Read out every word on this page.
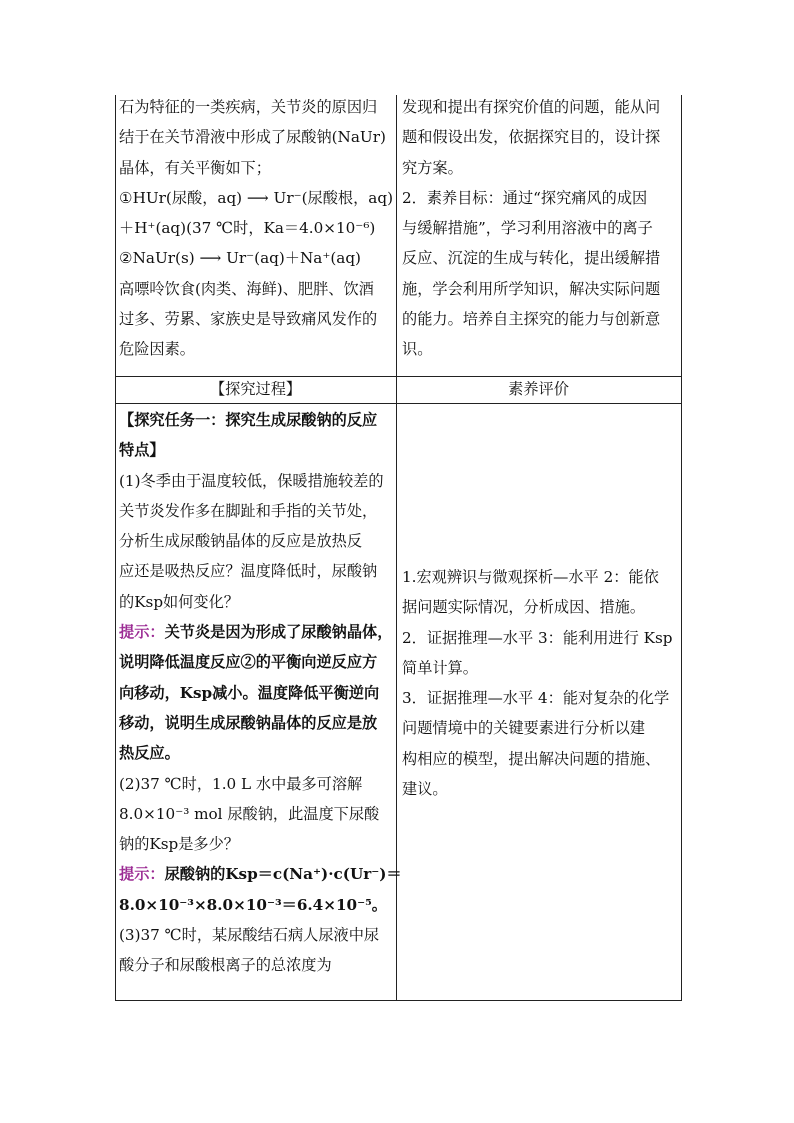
石为特征的一类疾病，关节炎的原因归
结于在关节滑液中形成了尿酸钠(NaUr)
晶体，有关平衡如下；
①HUr(尿酸，aq) ⟶ Ur⁻(尿酸根，aq)
＋H⁺(aq)(37 ℃时，Ka＝4.0×10⁻⁶)
②NaUr(s) ⟶ Ur⁻(aq)＋Na⁺(aq)
高嘌呤饮食(肉类、海鲜)、肥胖、饮酒
过多、劳累、家族史是导致痛风发作的
危险因素。
发现和提出有探究价值的问题，能从问
题和假设出发，依据探究目的，设计探
究方案。
2．素养目标：通过“探究痛风的成因
与缓解措施”，学习利用溶液中的离子
反应、沉淀的生成与转化，提出缓解措
施，学会利用所学知识，解决实际问题
的能力。培养自主探究的能力与创新意
识。
【探究过程】	素养评价
【探究任务一：探究生成尿酸钠的反应
特点】
(1)冬季由于温度较低，保暖措施较差的
关节炎发作多在脚趾和手指的关节处，
分析生成尿酸钠晶体的反应是放热反
应还是吸热反应？温度降低时，尿酸钠
的Ksp如何变化？
提示：关节炎是因为形成了尿酸钠晶体，
说明降低温度反应②的平衡向逆反应方
向移动，Ksp减小。温度降低平衡逆向
移动，说明生成尿酸钠晶体的反应是放
热反应。
(2)37 ℃时，1.0 L 水中最多可溶解
8.0×10⁻³ mol 尿酸钠，此温度下尿酸
钠的Ksp是多少？
提示：尿酸钠的Ksp＝c(Na⁺)·c(Ur⁻)＝
8.0×10⁻³×8.0×10⁻³＝6.4×10⁻⁵。
(3)37 ℃时，某尿酸结石病人尿液中尿
酸分子和尿酸根离子的总浓度为
1.宏观辨识与微观探析—水平 2：能依
据问题实际情况，分析成因、措施。
2．证据推理—水平 3：能利用进行 Ksp
简单计算。
3．证据推理—水平 4：能对复杂的化学
问题情境中的关键要素进行分析以建
构相应的模型，提出解决问题的措施、
建议。
